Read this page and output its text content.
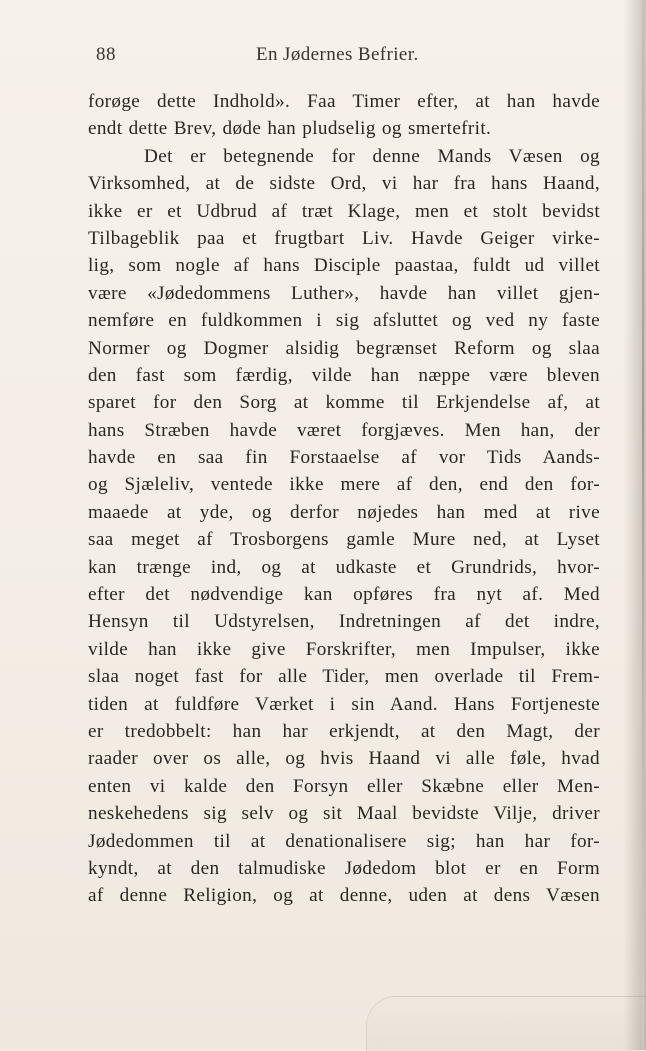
88	En Jødernes Befrier.
forøge dette Indhold». Faa Timer efter, at han havde
endt dette Brev, døde han pludselig og smertefrit.
Det er betegnende for denne Mands Væsen og
Virksomhed, at de sidste Ord, vi har fra hans Haand,
ikke er et Udbrud af træt Klage, men et stolt bevidst
Tilbageblik paa et frugtbart Liv. Havde Geiger virke-
lig, som nogle af hans Disciple paastaa, fuldt ud villet
være «Jødedommens Luther», havde han villet gjen-
nemføre en fuldkommen i sig afsluttet og ved ny faste
Normer og Dogmer alsidig begrænset Reform og slaa
den fast som færdig, vilde han næppe være bleven
sparet for den Sorg at komme til Erkjendelse af, at
hans Stræben havde været forgjæves. Men han, der
havde en saa fin Forstaaelse af vor Tids Aands-
og Sjæleliv, ventede ikke mere af den, end den for-
maaede at yde, og derfor nøjedes han med at rive
saa meget af Trosborgens gamle Mure ned, at Lyset
kan trænge ind, og at udkaste et Grundrids, hvor-
efter det nødvendige kan opføres fra nyt af. Med
Hensyn til Udstyrelsen, Indretningen af det indre,
vilde han ikke give Forskrifter, men Impulser, ikke
slaa noget fast for alle Tider, men overlade til Frem-
tiden at fuldføre Værket i sin Aand. Hans Fortjeneste
er tredobbelt: han har erkjendt, at den Magt, der
raader over os alle, og hvis Haand vi alle føle, hvad
enten vi kalde den Forsyn eller Skæbne eller Men-
neskehedens sig selv og sit Maal bevidste Vilje, driver
Jødedommen til at denationalisere sig; han har for-
kyndt, at den talmudiske Jødedom blot er en Form
af denne Religion, og at denne, uden at dens Væsen
